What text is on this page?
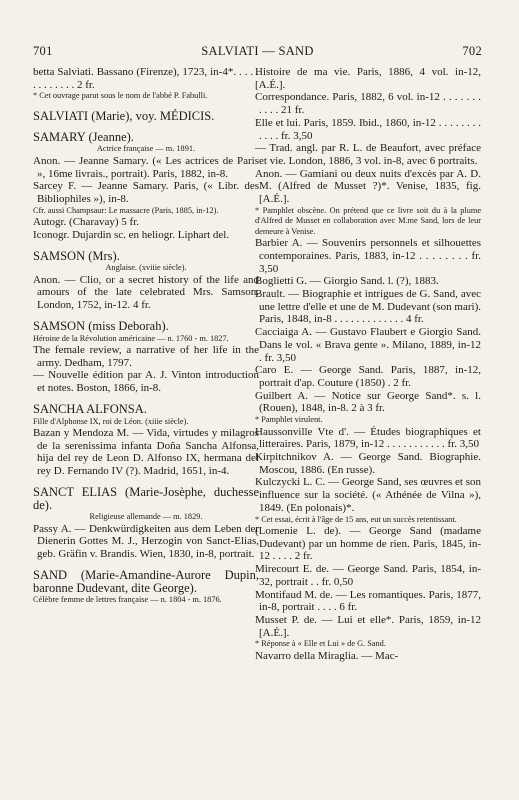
701	SALVIATI — SAND	702

betta Salviati. Bassano (Firenze), 1723, in-4*. . . . . . . . . . . . . 2 fr.

* Cet ouvrage parut sous le nom de l'abbé P. Fabulli.

SALVIATI (Marie), voy. MÉDICIS.

SAMARY (Jeanne).

Actrice française — m. 1891.

Anon. — Jeanne Samary. (« Les actrices de Paris », 16me livrais., portrait). Paris, 1882, in-8.

Sarcey F. — Jeanne Samary. Paris, (« Libr. des Bibliophiles »), in-8.

Cfr. aussi Champsaur: Le massacre (Paris, 1885, in-12).

Autogr. (Charavay) 5 fr.

Iconogr. Dujardin sc. en heliogr. Liphart del.

SAMSON (Mrs).

Anglaise. (xviiie siècle).

Anon. — Clio, or a secret history of the life and amours of the late celebrated Mrs. Samson. London, 1752, in-12. 4 fr.

SAMSON (miss Deborah).

Héroine de la Révolution américaine — n. 1760 - m. 1827.

The female review, a narrative of her life in the army. Dedham, 1797.

— Nouvelle édition par A. J. Vinton introduction et notes. Boston, 1866, in-8.

SANCHA ALFONSA.

Fille d'Alphonse IX, roi de Léon. (xiiie siècle).

Bazan y Mendoza M. — Vida, virtudes y milagros de la serenissima infanta Doña Sancha Alfonsa, hija del rey de Leon D. Alfonso IX, hermana del rey D. Fernando IV (?). Madrid, 1651, in-4.

SANCT ELIAS (Marie-Josèphe, duchesse de).

Religieuse allemande — m. 1829.

Passy A. — Denkwürdigkeiten aus dem Leben der Dienerin Gottes M. J., Herzogin von Sanct-Elias, geb. Gräfin v. Brandis. Wien, 1830, in-8, portrait.

SAND (Marie-Amandine-Aurore Dupin, baronne Dudevant, dite George).

Célèbre femme de lettres française — n. 1804 - m. 1876.

Histoire de ma vie. Paris, 1886, 4 vol. in-12, [A.É.].

Correspondance. Paris, 1882, 6 vol. in-12 . . . . . . . . . . . 21 fr.

Elle et lui. Paris, 1859. Ibid., 1860, in-12 . . . . . . . . . . . . fr. 3,50

— Trad. angl. par R. L. de Beaufort, avec préface et vie. London, 1886, 3 vol. in-8, avec 6 portraits.

Anon. — Gamiani ou deux nuits d'excès par A. D. M. (Alfred de Musset ?)*. Venise, 1835, fig. [A.É.].

* Pamphlet obscène. On prétend que ce livre soit du à la plume d'Alfred de Musset en collaboration avec M.me Sand, lors de leur demeure à Venise.

Barbier A. — Souvenirs personnels et silhouettes contemporaines. Paris, 1883, in-12 . . . . . . . . fr. 3,50

Boglietti G. — Giorgio Sand. l. (?), 1883.

Brault. — Biographie et intrigues de G. Sand, avec une lettre d'elle et une de M. Dudevant (son mari). Paris, 1848, in-8 . . . . . . . . . . . . . 4 fr.

Cacciaiga A. — Gustavo Flaubert e Giorgio Sand. Dans le vol. « Brava gente ». Milano, 1889, in-12 . fr. 3,50

Caro E. — George Sand. Paris, 1887, in-12, portrait d'ap. Couture (1850) . 2 fr.

Guilbert A. — Notice sur George Sand*. s. l. (Rouen), 1848, in-8. 2 à 3 fr.

* Pamphlet virulent.

Haussonville Vte d'. — Études biographiques et litteraires. Paris, 1879, in-12 . . . . . . . . . . . fr. 3,50

Kirpitchnikov A. — George Sand. Biographie. Moscou, 1886. (En russe).

Kulczycki L. C. — George Sand, ses œuvres et son influence sur la société. (« Athénée de Vilna »), 1849. (En polonais)*.

* Cet essai, écrit à l'âge de 15 ans, eut un succès retentissant.

(Lomenie L. de). — George Sand (madame Dudevant) par un homme de rien. Paris, 1845, in-12 . . . . 2 fr.

Mirecourt E. de. — George Sand. Paris, 1854, in-32, portrait . . fr. 0,50

Montifaud M. de. — Les romantiques. Paris, 1877, in-8, portrait . . . . 6 fr.

Musset P. de. — Lui et elle*. Paris, 1859, in-12 [A.É.].

* Réponse à « Elle et Lui » de G. Sand.

Navarro della Miraglia. — Mac-
